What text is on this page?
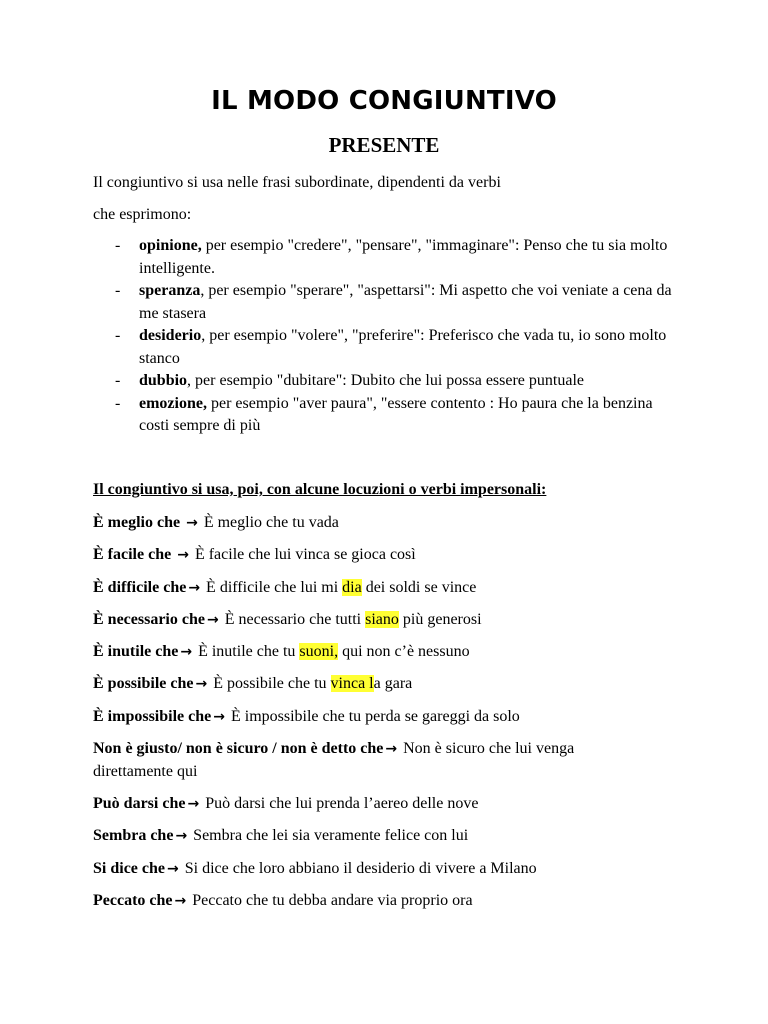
IL MODO CONGIUNTIVO
PRESENTE
Il congiuntivo si usa nelle frasi subordinate, dipendenti da verbi
che esprimono:
- opinione, per esempio "credere", "pensare", "immaginare": Penso che tu sia molto intelligente.
- speranza, per esempio "sperare", "aspettarsi": Mi aspetto che voi veniate a cena da me stasera
- desiderio, per esempio "volere", "preferire": Preferisco che vada tu, io sono molto stanco
- dubbio, per esempio "dubitare": Dubito che lui possa essere puntuale
- emozione, per esempio "aver paura", "essere contento : Ho paura che la benzina costi sempre di più
Il congiuntivo si usa, poi, con alcune locuzioni o verbi impersonali:
È meglio che → È meglio che tu vada
È facile che → È facile che lui vinca se gioca così
È difficile che → È difficile che lui mi dia dei soldi se vince
È necessario che → È necessario che tutti siano più generosi
È inutile che → È inutile che tu suoni, qui non c’è nessuno
È possibile che → È possibile che tu vinca la gara
È impossibile che → È impossibile che tu perda se gareggi da solo
Non è giusto/ non è sicuro / non è detto che → Non è sicuro che lui venga direttamente qui
Può darsi che → Può darsi che lui prenda l’aereo delle nove
Sembra che → Sembra che lei sia veramente felice con lui
Si dice che → Si dice che loro abbiano il desiderio di vivere a Milano
Peccato che → Peccato che tu debba andare via proprio ora
